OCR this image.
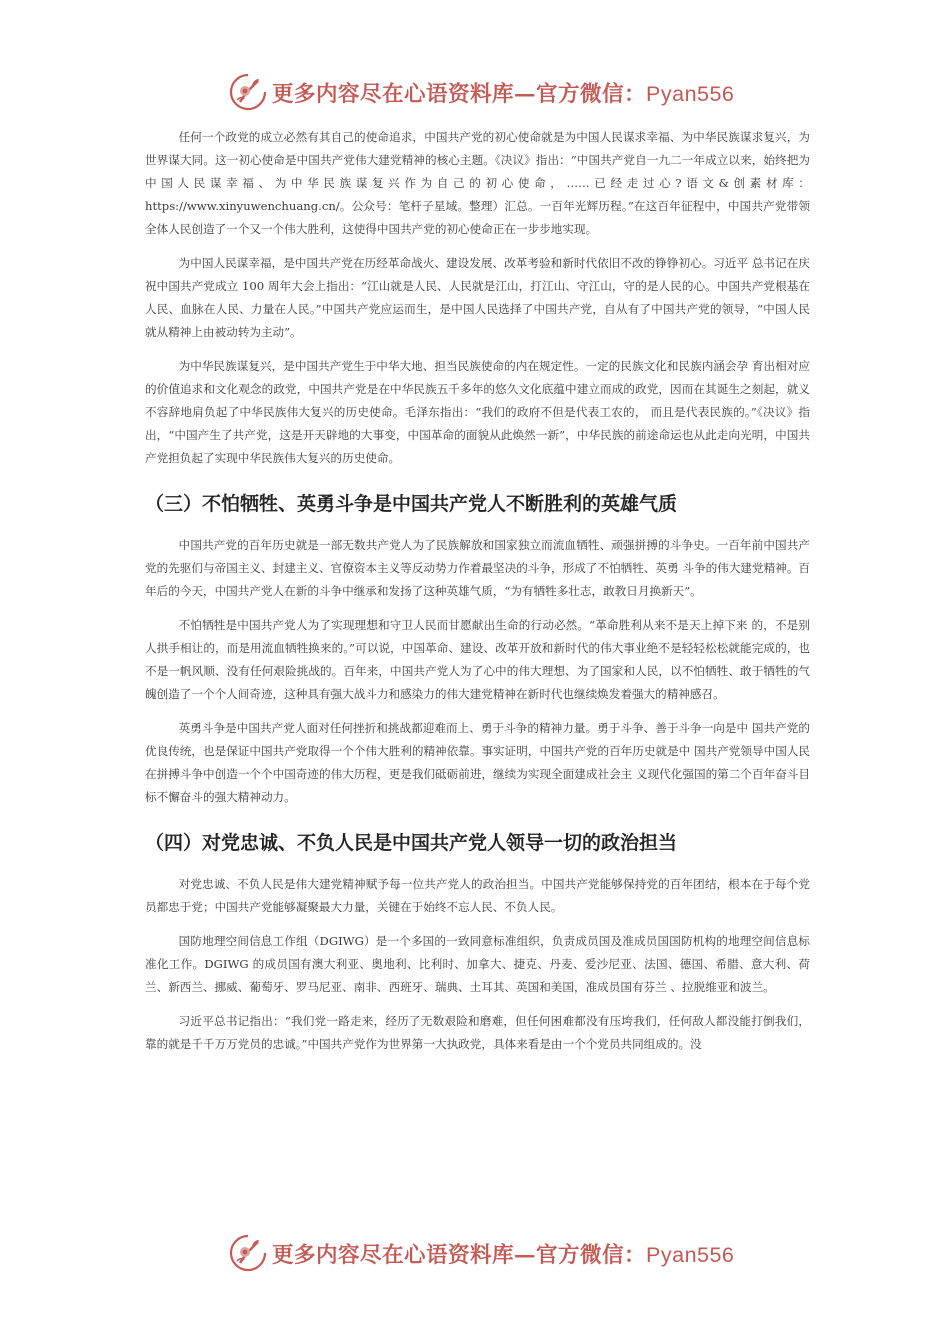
更多内容尽在心语资料库—官方微信：Pyan556

任何一个政党的成立必然有其自己的使命追求，中国共产党的初心使命就是为中国人民谋求幸福、为中华民族谋求复兴，为世界谋大同。这一初心使命是中国共产党伟大建党精神的核心主题。《决议》指出：“中国共产党自一九二一年成立以来，始终把为中国人民谋幸福、为中华民族谋复兴作为自己的初心使命，……已经走过心?语文&创素材库：https://www.xinyuwenchuang.cn/。公众号：笔杆子星域。整理）汇总。一百年光辉历程。”在这百年征程中，中国共产党带领全体人民创造了一个又一个伟大胜利，这使得中国共产党的初心使命正在一步步地实现。

为中国人民谋幸福，是中国共产党在历经革命战火、建设发展、改革考验和新时代依旧不改的铮铮初心。习近平 总书记在庆祝中国共产党成立 100 周年大会上指出：“江山就是人民、人民就是江山，打江山、守江山，守的是人民的心。中国共产党根基在人民、血脉在人民、力量在人民。”中国共产党应运而生，是中国人民选择了中国共产党，自从有了中国共产党的领导，“中国人民就从精神上由被动转为主动”。

为中华民族谋复兴，是中国共产党生于中华大地、担当民族使命的内在规定性。一定的民族文化和民族内涵会孕 育出相对应的价值追求和文化观念的政党，中国共产党是在中华民族五千多年的悠久文化底蕴中建立而成的政党，因而在其诞生之刻起，就义不容辞地肩负起了中华民族伟大复兴的历史使命。毛泽东指出：“我们的政府不但是代表工农的， 而且是代表民族的。”《决议》指出，“中国产生了共产党，这是开天辟地的大事变，中国革命的面貌从此焕然一新”，中华民族的前途命运也从此走向光明，中国共产党担负起了实现中华民族伟大复兴的历史使命。

（三）不怕牺牲、英勇斗争是中国共产党人不断胜利的英雄气质

中国共产党的百年历史就是一部无数共产党人为了民族解放和国家独立而流血牺牲、顽强拼搏的斗争史。一百年前中国共产党的先驱们与帝国主义、封建主义、官僚资本主义等反动势力作着最坚决的斗争，形成了不怕牺牲、英勇 斗争的伟大建党精神。百年后的今天，中国共产党人在新的斗争中继承和发扬了这种英雄气质，“为有牺牲多壮志，敢教日月换新天”。

不怕牺牲是中国共产党人为了实现理想和守卫人民而甘愿献出生命的行动必然。“革命胜利从来不是天上掉下来 的，不是别人拱手相让的，而是用流血牺牲换来的。”可以说，中国革命、建设、改革开放和新时代的伟大事业绝不是轻轻松松就能完成的，也不是一帆风顺、没有任何艰险挑战的。百年来，中国共产党人为了心中的伟大理想、为了国家和人民，以不怕牺牲、敢于牺牲的气魄创造了一个个人间奇迹，这种具有强大战斗力和感染力的伟大建党精神在新时代也继续焕发着强大的精神感召。

英勇斗争是中国共产党人面对任何挫折和挑战都迎难而上、勇于斗争的精神力量。勇于斗争、善于斗争一向是中 国共产党的优良传统，也是保证中国共产党取得一个个伟大胜利的精神依靠。事实证明，中国共产党的百年历史就是中 国共产党领导中国人民在拼搏斗争中创造一个个中国奇迹的伟大历程，更是我们砥砺前进，继续为实现全面建成社会主 义现代化强国的第二个百年奋斗目标不懈奋斗的强大精神动力。

（四）对党忠诚、不负人民是中国共产党人领导一切的政治担当

对党忠诚、不负人民是伟大建党精神赋予每一位共产党人的政治担当。中国共产党能够保持党的百年团结，根本在于每个党员都忠于党；中国共产党能够凝聚最大力量，关键在于始终不忘人民、不负人民。

国防地理空间信息工作组（DGIWG）是一个多国的一致同意标准组织，负责成员国及准成员国国防机构的地理空间信息标准化工作。DGIWG 的成员国有澳大利亚、奥地利、比利时、加拿大、捷克、丹麦、爱沙尼亚、法国、德国、希腊、意大利、荷兰、新西兰、挪威、葡萄牙、罗马尼亚、南非、西班牙、瑞典、土耳其、英国和美国，准成员国有芬兰 、拉脱维亚和波兰。

习近平总书记指出：“我们党一路走来，经历了无数艰险和磨难，但任何困难都没有压垮我们，任何敌人都没能打倒我们，靠的就是千千万万党员的忠诚。”中国共产党作为世界第一大执政党，具体来看是由一个个党员共同组成的。没

更多内容尽在心语资料库—官方微信：Pyan556
